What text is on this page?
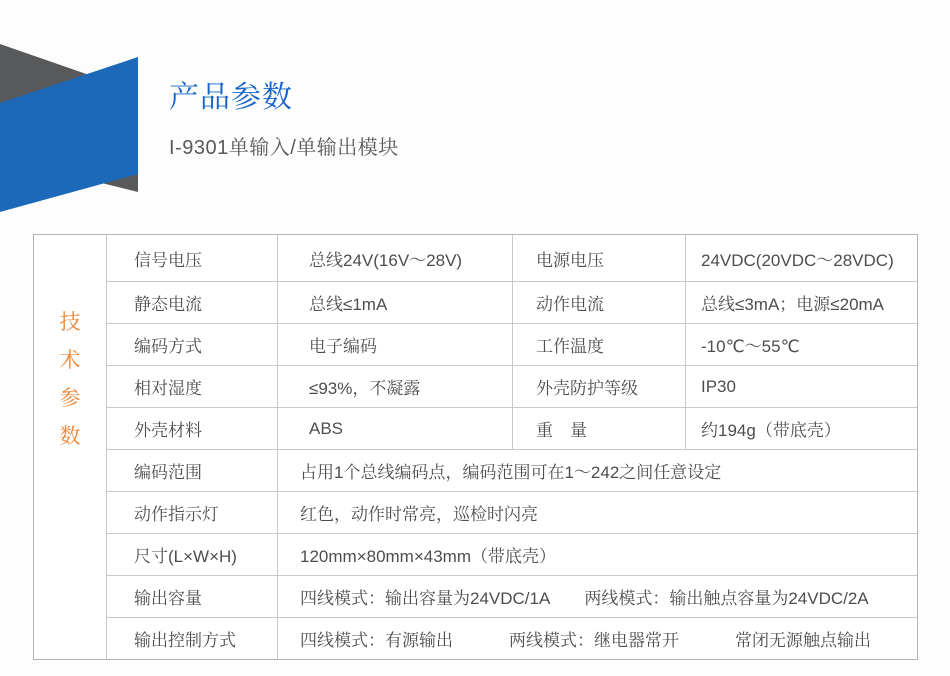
产品参数
I-9301单输入/单输出模块
技
术
参
数
信号电压	总线24V(16V～28V)	电源电压	24VDC(20VDC～28VDC)
静态电流	总线≤1mA	动作电流	总线≤3mA；电源≤20mA
编码方式	电子编码	工作温度	-10℃～55℃
相对湿度	≤93%，不凝露	外壳防护等级	IP30
外壳材料	ABS	重　量	约194g（带底壳）
编码范围	占用1个总线编码点，编码范围可在1～242之间任意设定
动作指示灯	红色，动作时常亮，巡检时闪亮
尺寸(L×W×H)	120mm×80mm×43mm（带底壳）
输出容量	四线模式：输出容量为24VDC/1A 两线模式：输出触点容量为24VDC/2A
输出控制方式	四线模式：有源输出	两线模式：继电器常开	常闭无源触点输出
